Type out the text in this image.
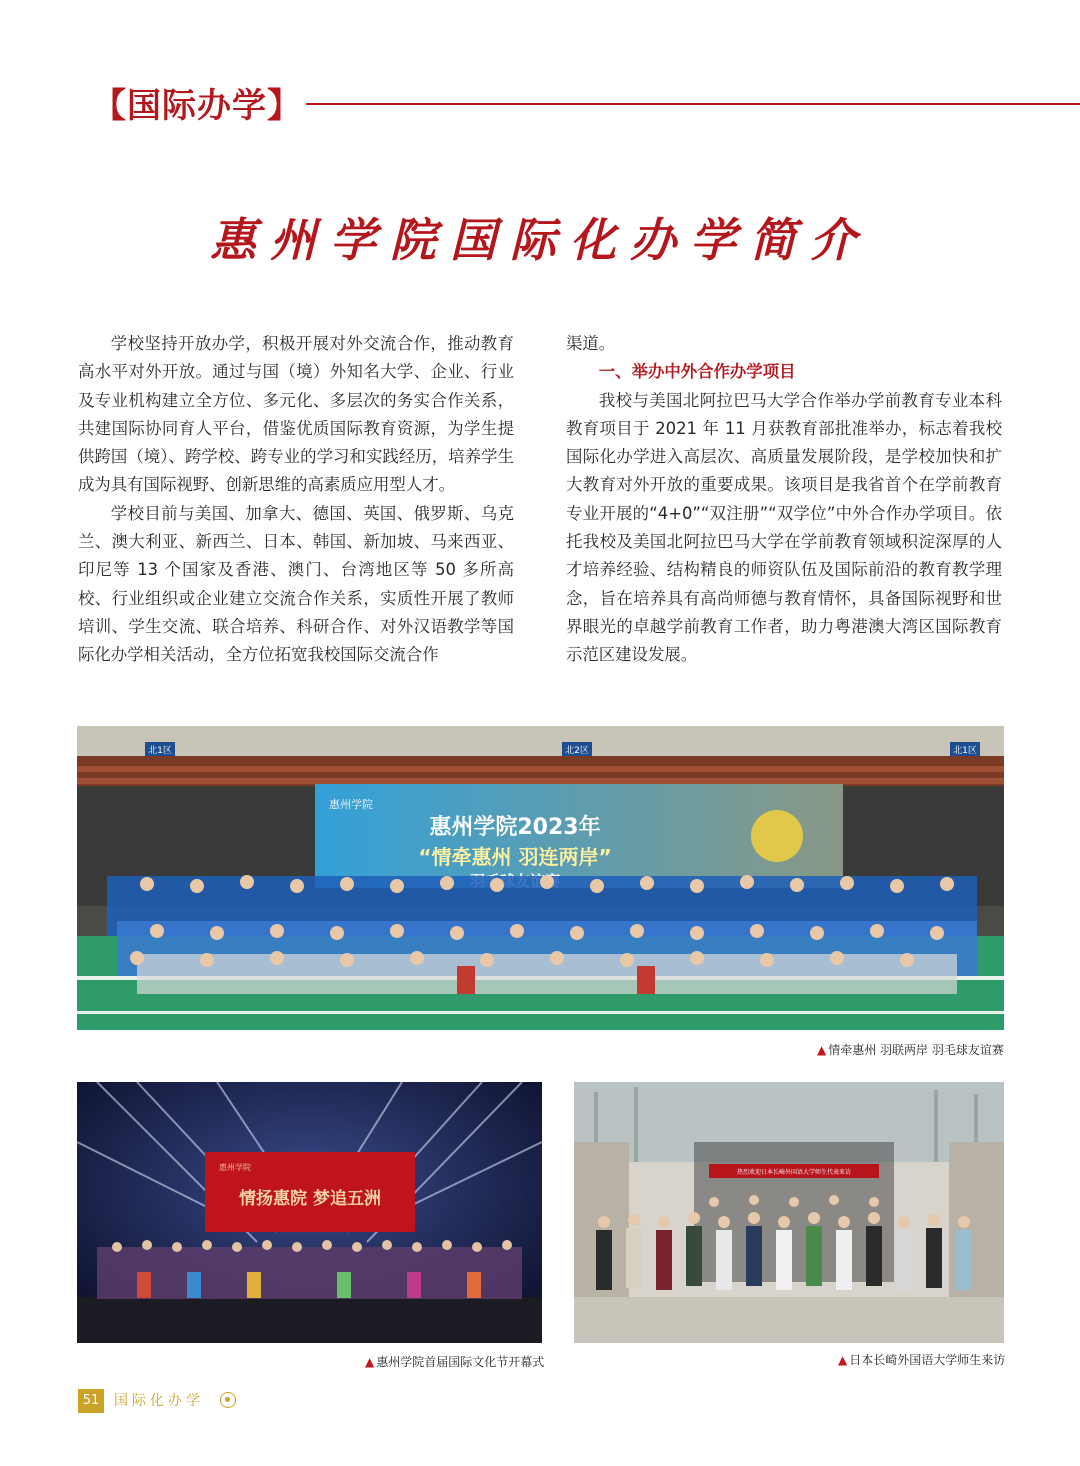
【国际办学】
惠州学院国际化办学简介

学校坚持开放办学，积极开展对外交流合作，推动教育高水平对外开放。通过与国（境）外知名大学、企业、行业及专业机构建立全方位、多元化、多层次的务实合作关系，共建国际协同育人平台，借鉴优质国际教育资源，为学生提供跨国（境）、跨学校、跨专业的学习和实践经历，培养学生成为具有国际视野、创新思维的高素质应用型人才。

学校目前与美国、加拿大、德国、英国、俄罗斯、乌克兰、澳大利亚、新西兰、日本、韩国、新加坡、马来西亚、印尼等 13 个国家及香港、澳门、台湾地区等 50 多所高校、行业组织或企业建立交流合作关系，实质性开展了教师培训、学生交流、联合培养、科研合作、对外汉语教学等国际化办学相关活动，全方位拓宽我校国际交流合作

渠道。

一、举办中外合作办学项目

我校与美国北阿拉巴马大学合作举办学前教育专业本科教育项目于 2021 年 11 月获教育部批准举办，标志着我校国际化办学进入高层次、高质量发展阶段，是学校加快和扩大教育对外开放的重要成果。该项目是我省首个在学前教育专业开展的“4+0”“双注册”“双学位”中外合作办学项目。依托我校及美国北阿拉巴马大学在学前教育领域积淀深厚的人才培养经验、结构精良的师资队伍及国际前沿的教育教学理念，旨在培养具有高尚师德与教育情怀，具备国际视野和世界眼光的卓越学前教育工作者，助力粤港澳大湾区国际教育示范区建设发展。

北1区	北2区	北1区
惠州学院
惠州学院2023年
“情牵惠州 羽连两岸”
▲ 情牵惠州 羽联两岸 羽毛球友谊赛
惠州学院
情扬惠院 梦追五洲
▲ 惠州学院首届国际文化节开幕式
热烈欢迎日本长崎外国语大学师生代表来访
▲ 日本长崎外国语大学师生来访
51	国际化办学
